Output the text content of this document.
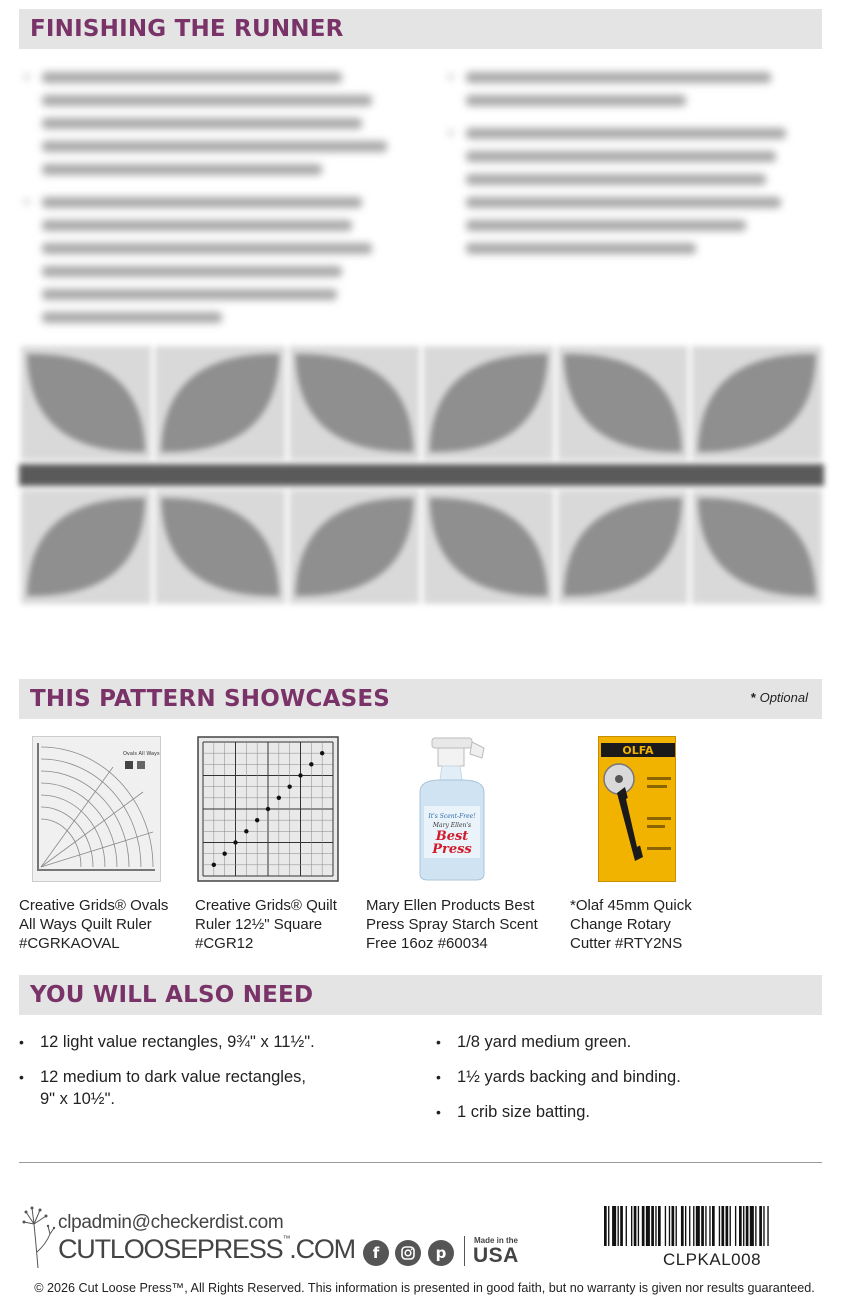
FINISHING THE RUNNER
•
•
•
•
THIS PATTERN SHOWCASES	* Optional
Ovals All Ways
Creative Grids® Ovals
All Ways Quilt Ruler
#CGRKAOVAL
Creative Grids® Quilt
Ruler 12½" Square
#CGR12
It's Scent-Free!
Mary Ellen's
Best
Press
Mary Ellen Products Best
Press Spray Starch Scent
Free 16oz #60034
OLFA
*Olaf 45mm Quick
Change Rotary
Cutter #RTY2NS
YOU WILL ALSO NEED
• 12 light value rectangles, 9¾" x 11½".
• 12 medium to dark value rectangles,
9" x 10½".
• 1/8 yard medium green.
• 1½ yards backing and binding.
• 1 crib size batting.
clpadmin@checkerdist.com
CUTLOOSEPRESS™.COM	f	p
Made in the
USA	CLPKAL008
© 2026 Cut Loose Press™, All Rights Reserved. This information is presented in good faith, but no warranty is given nor results guaranteed.
